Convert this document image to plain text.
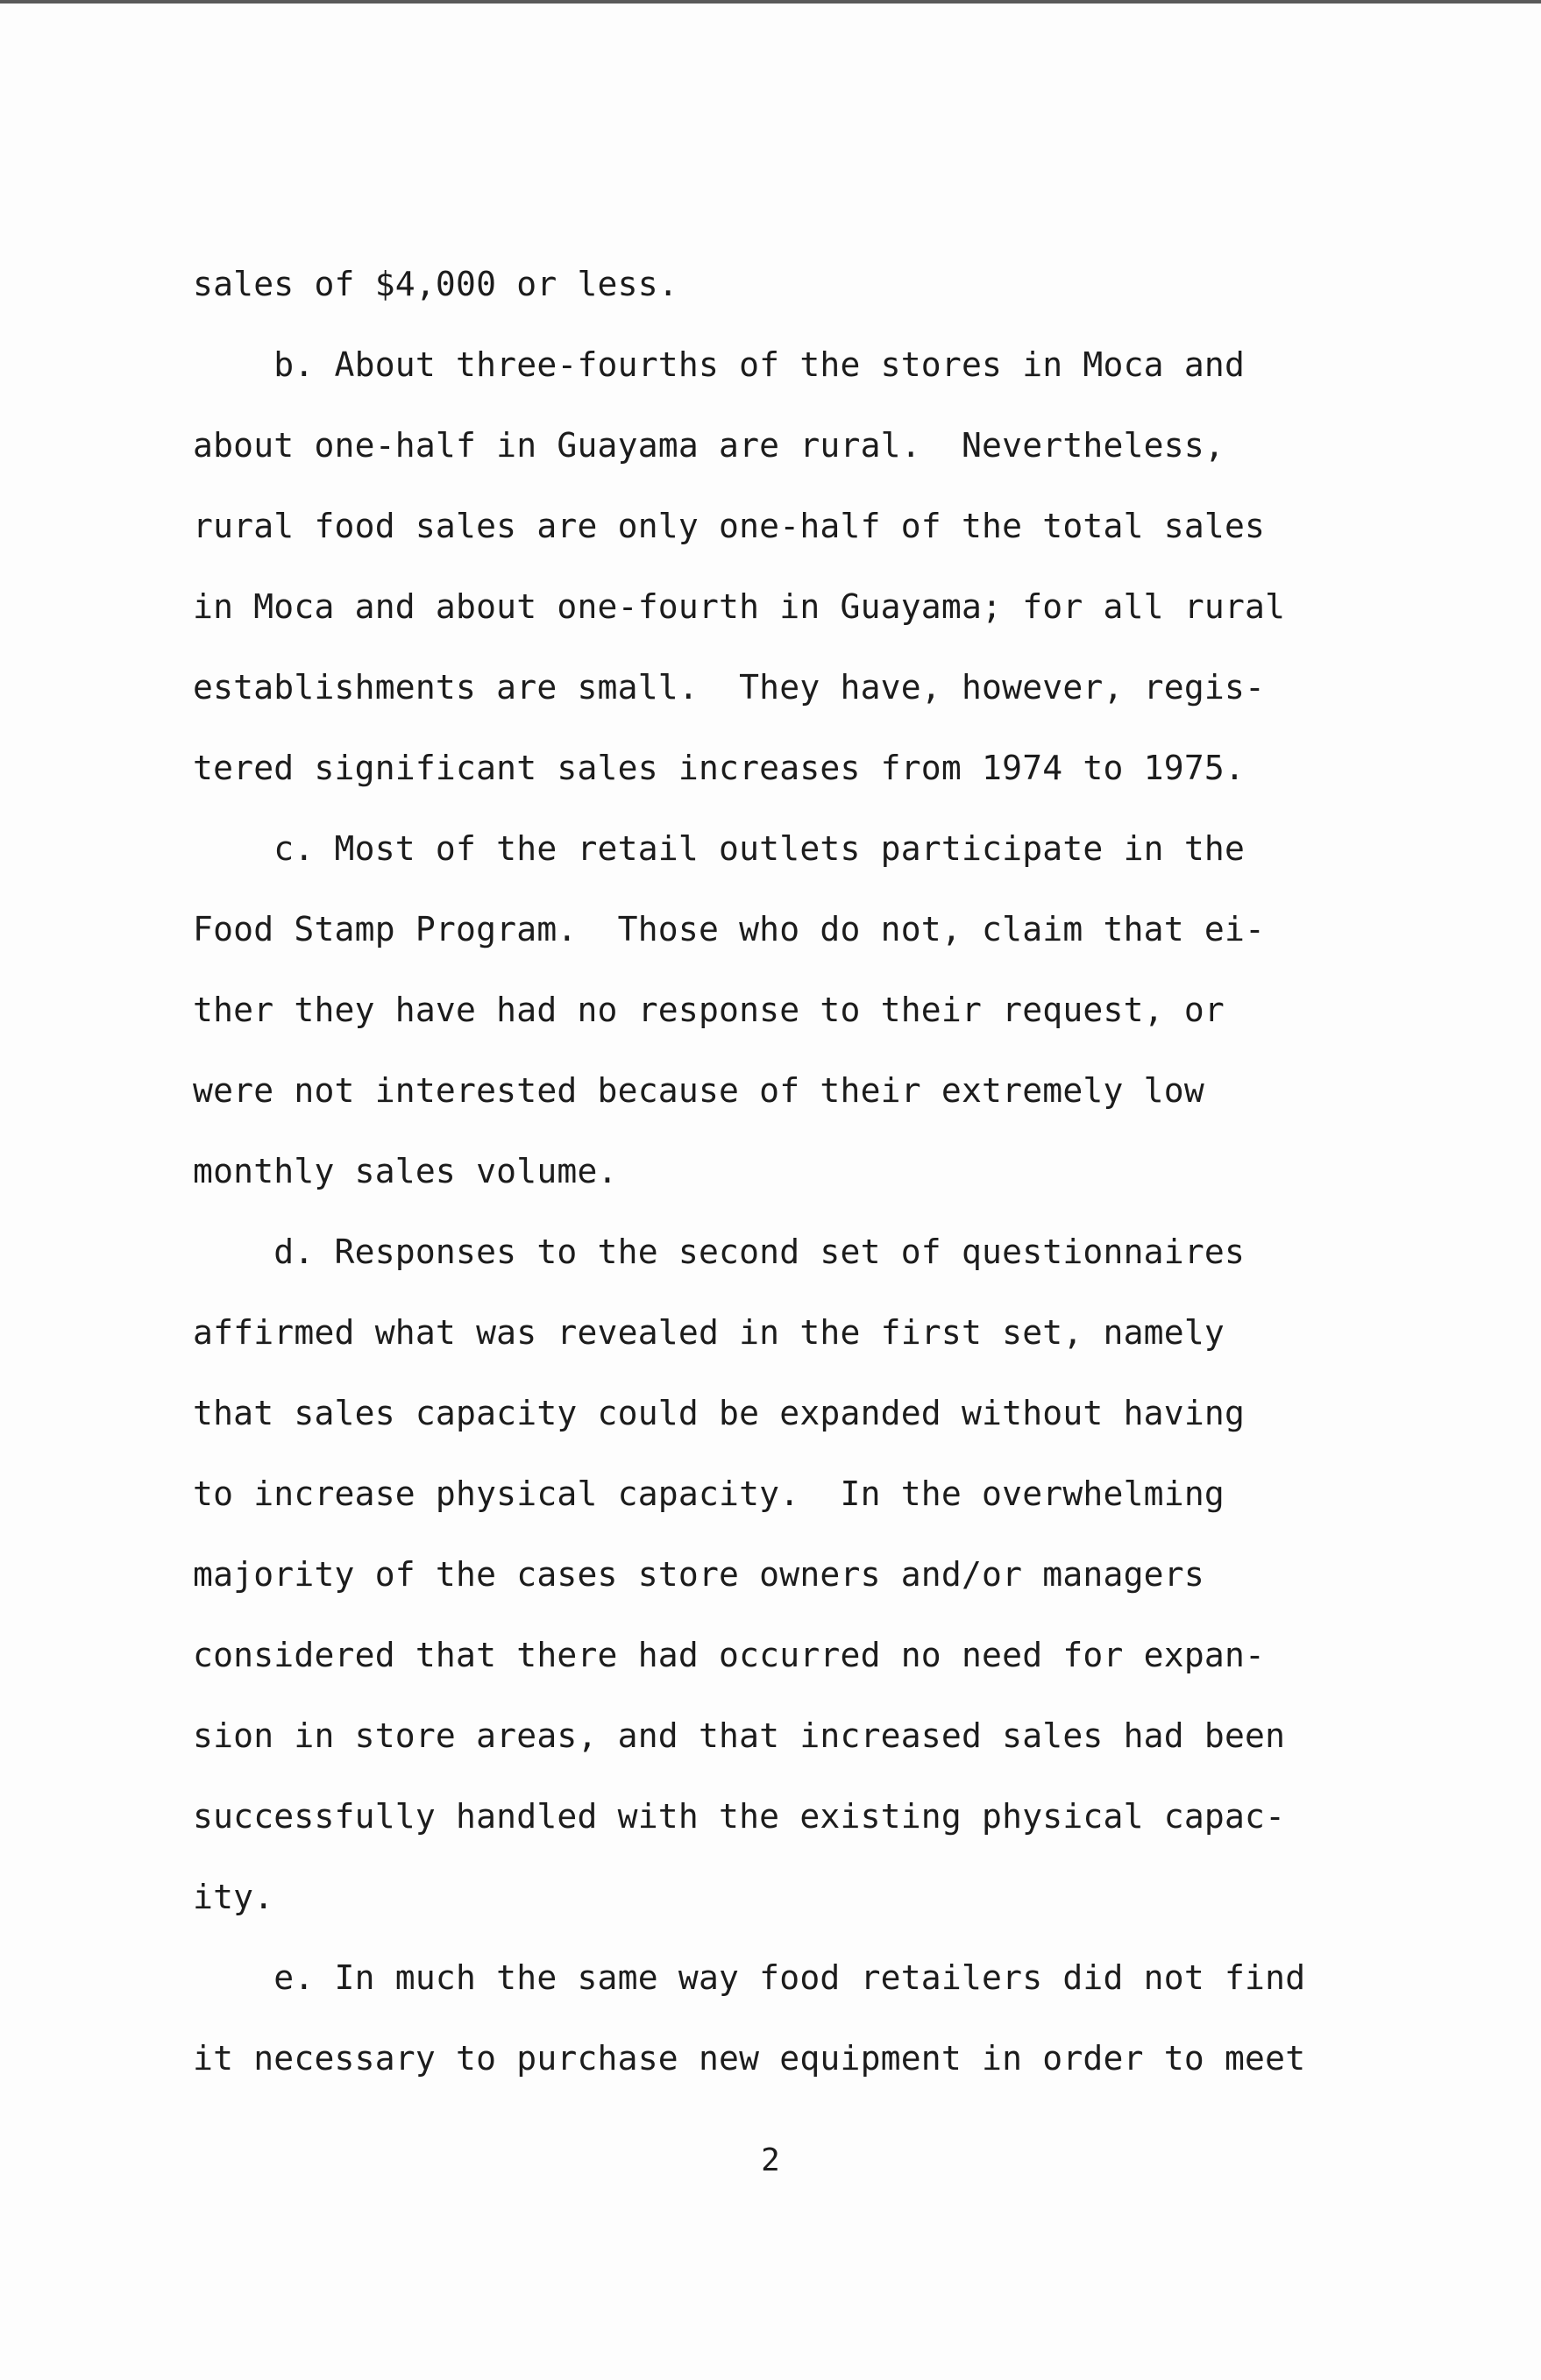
sales of $4,000 or less.
b. About three-fourths of the stores in Moca and
about one-half in Guayama are rural.  Nevertheless,
rural food sales are only one-half of the total sales
in Moca and about one-fourth in Guayama; for all rural
establishments are small.  They have, however, regis-
tered significant sales increases from 1974 to 1975.
c. Most of the retail outlets participate in the
Food Stamp Program.  Those who do not, claim that ei-
ther they have had no response to their request, or
were not interested because of their extremely low
monthly sales volume.
d. Responses to the second set of questionnaires
affirmed what was revealed in the first set, namely
that sales capacity could be expanded without having
to increase physical capacity.  In the overwhelming
majority of the cases store owners and/or managers
considered that there had occurred no need for expan-
sion in store areas, and that increased sales had been
successfully handled with the existing physical capac-
ity.
e. In much the same way food retailers did not find
it necessary to purchase new equipment in order to meet
2
